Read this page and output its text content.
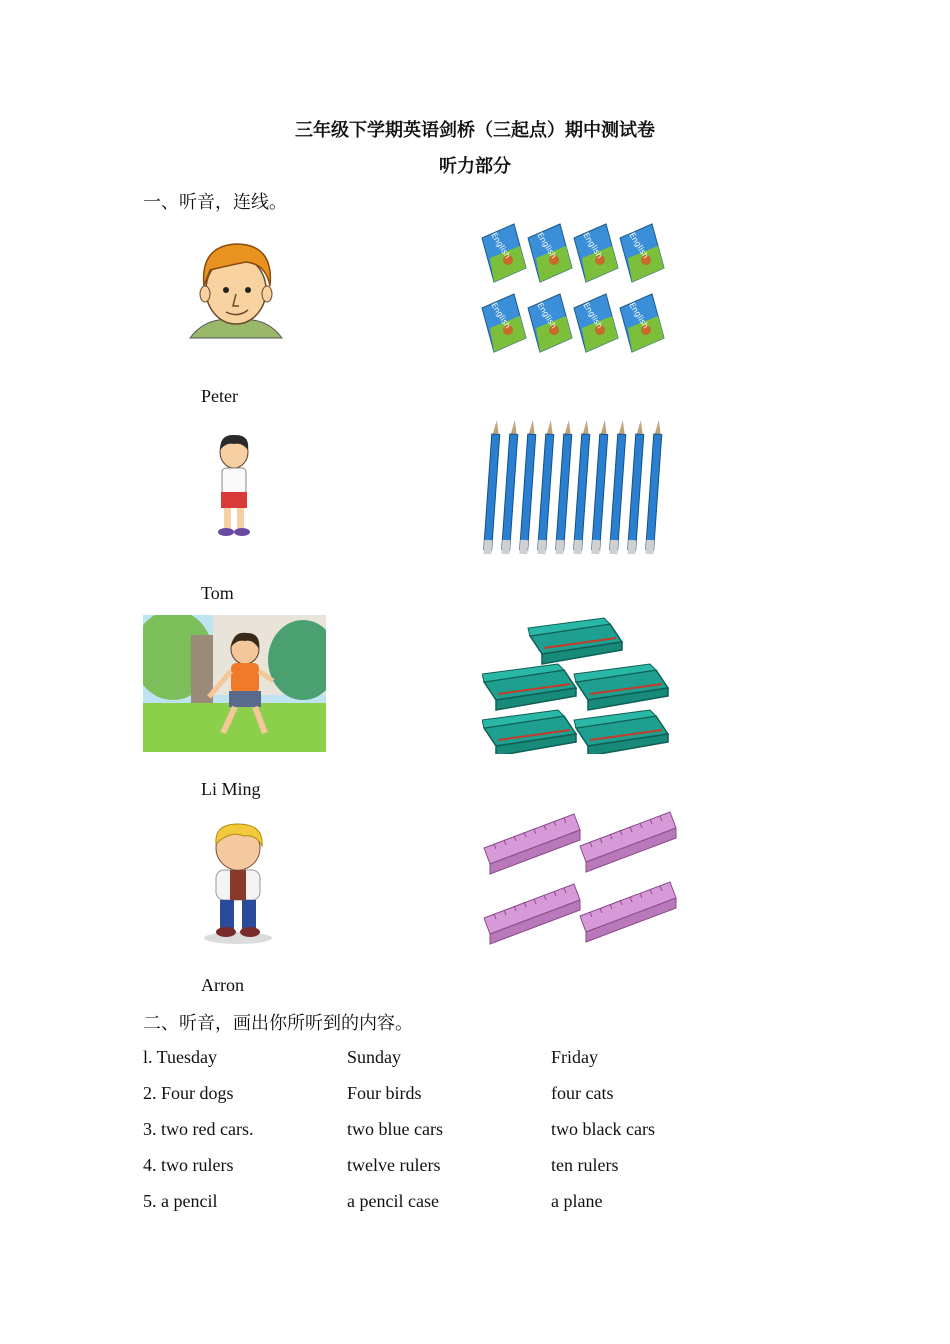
三年级下学期英语剑桥（三起点）期中测试卷
听力部分
一、听音，连线。
Peter
Tom
Li Ming
Arron
二、听音，画出你所听到的内容。
l. Tuesday	Sunday	Friday
2. Four dogs	Four birds	four cats
3. two red cars.	two blue cars	two black cars
4. two rulers	twelve rulers	ten rulers
5. a pencil	a pencil case	a plane
